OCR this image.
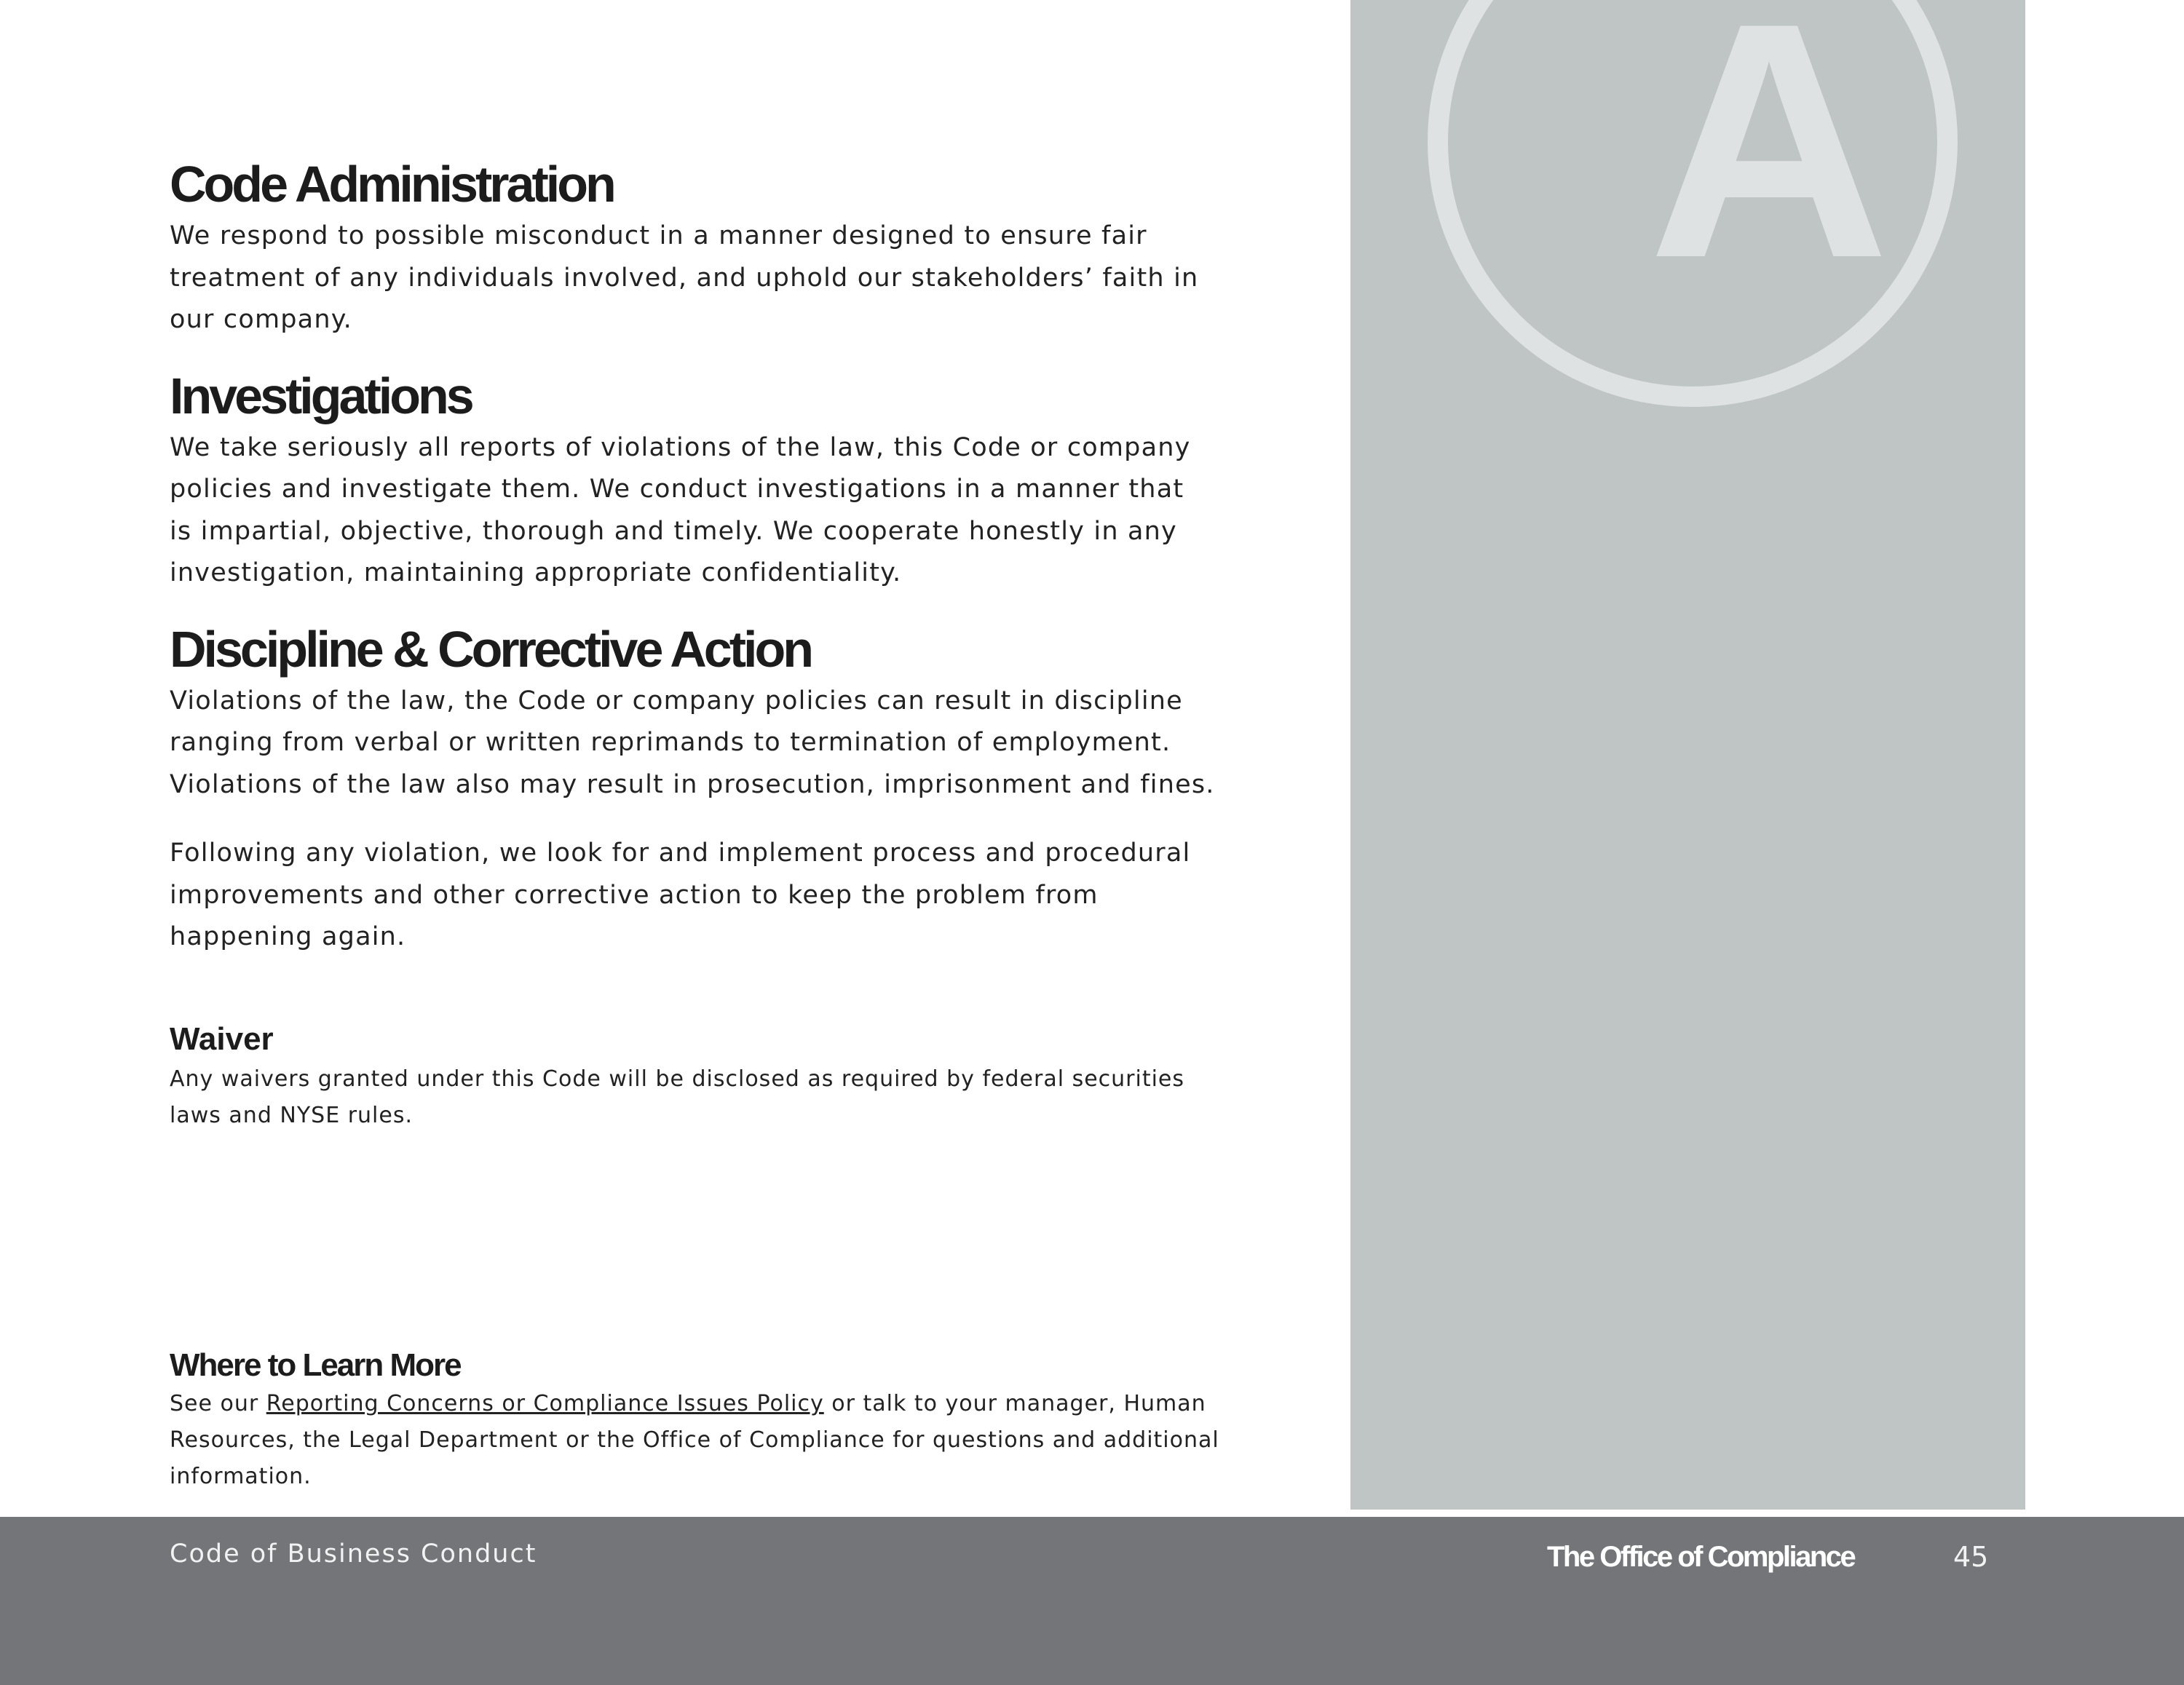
A
Code Administration

We respond to possible misconduct in a manner designed to ensure fair treatment of any individuals involved, and uphold our stakeholders’ faith in our company.

Investigations

We take seriously all reports of violations of the law, this Code or company policies and investigate them. We conduct investigations in a manner that is impartial, objective, thorough and timely. We cooperate honestly in any investigation, maintaining appropriate confidentiality.

Discipline & Corrective Action

Violations of the law, the Code or company policies can result in discipline ranging from verbal or written reprimands to termination of employment. Violations of the law also may result in prosecution, imprisonment and fines.

Following any violation, we look for and implement process and procedural improvements and other corrective action to keep the problem from happening again.

Waiver

Any waivers granted under this Code will be disclosed as required by federal securities laws and NYSE rules.

Where to Learn More

See our Reporting Concerns or Compliance Issues Policy or talk to your manager, Human Resources, the Legal Department or the Office of Compliance for questions and additional information.

Code of Business Conduct	The Office of Compliance	45
